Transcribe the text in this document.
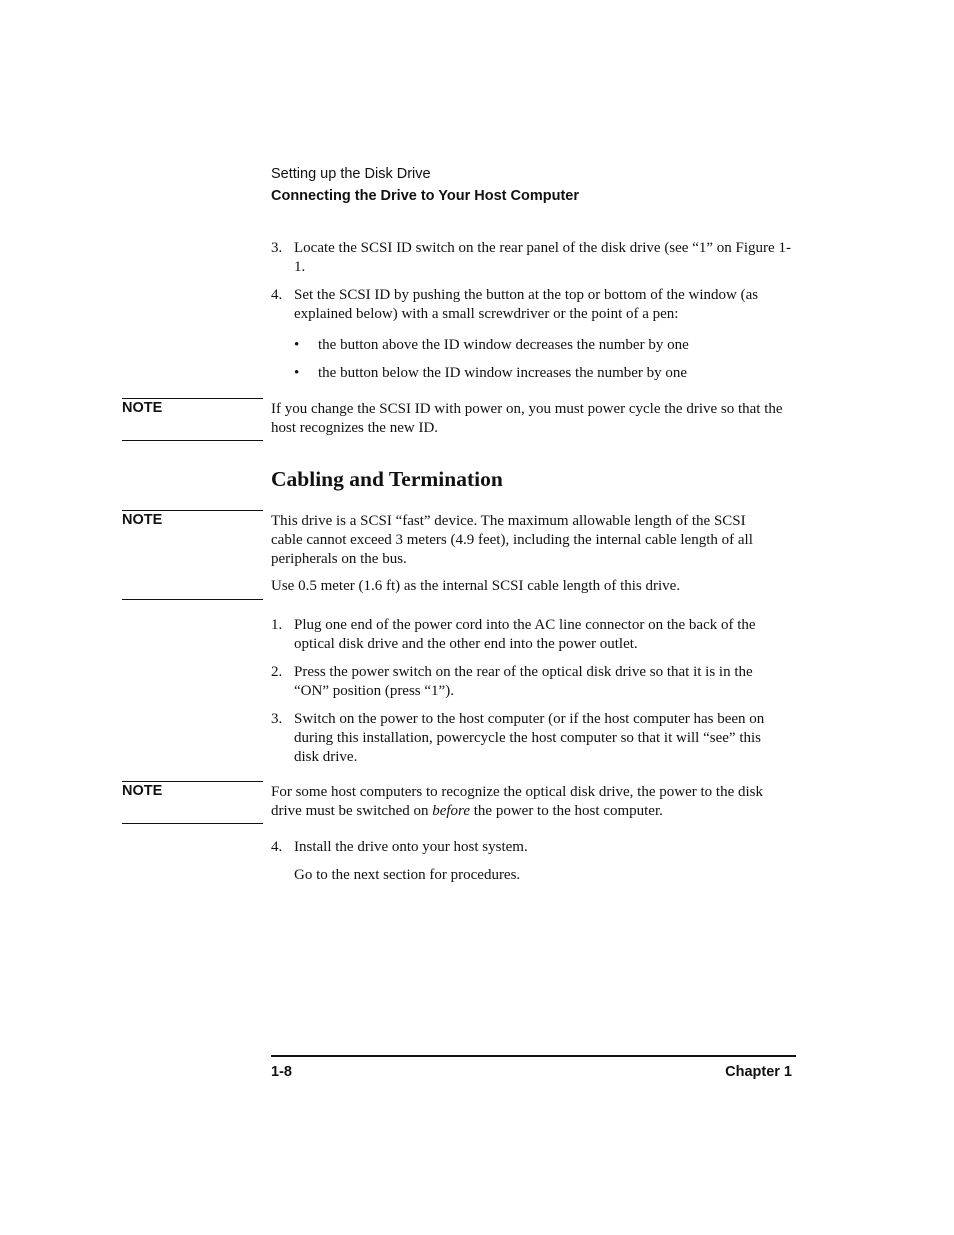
Setting up the Disk Drive
Connecting the Drive to Your Host Computer
3. Locate the SCSI ID switch on the rear panel of the disk drive (see “1” on Figure 1-1.
4. Set the SCSI ID by pushing the button at the top or bottom of the window (as explained below) with a small screwdriver or the point of a pen:
• the button above the ID window decreases the number by one
• the button below the ID window increases the number by one
NOTE	If you change the SCSI ID with power on, you must power cycle the drive so that the host recognizes the new ID.
Cabling and Termination
NOTE	This drive is a SCSI “fast” device. The maximum allowable length of the SCSI cable cannot exceed 3 meters (4.9 feet), including the internal cable length of all peripherals on the bus.
Use 0.5 meter (1.6 ft) as the internal SCSI cable length of this drive.
1. Plug one end of the power cord into the AC line connector on the back of the optical disk drive and the other end into the power outlet.
2. Press the power switch on the rear of the optical disk drive so that it is in the “ON” position (press “1”).
3. Switch on the power to the host computer (or if the host computer has been on during this installation, powercycle the host computer so that it will “see” this disk drive.
NOTE	For some host computers to recognize the optical disk drive, the power to the disk drive must be switched on before the power to the host computer.
4. Install the drive onto your host system.
Go to the next section for procedures.
1-8	Chapter 1
